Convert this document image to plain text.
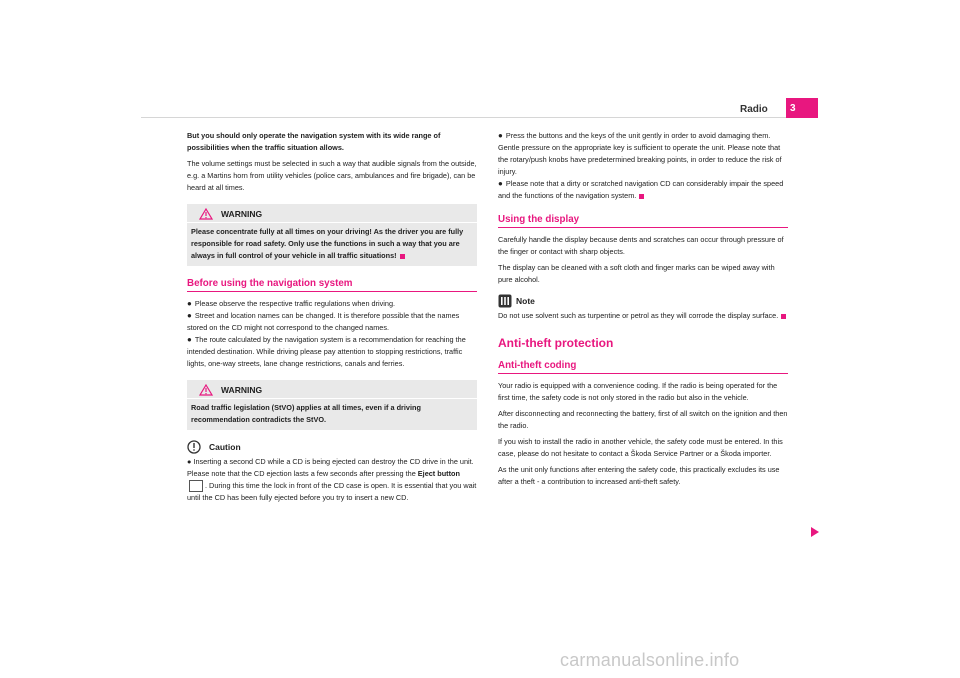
Radio 3

But you should only operate the navigation system with its wide range of possibilities when the traffic situation allows.

The volume settings must be selected in such a way that audible signals from the outside, e.g. a Martins horn from utility vehicles (police cars, ambulances and fire brigade), can be heard at all times.

WARNING

Please concentrate fully at all times on your driving! As the driver you are fully responsible for road safety. Only use the functions in such a way that you are always in full control of your vehicle in all traffic situations!

Before using the navigation system

● Please observe the respective traffic regulations when driving.

● Street and location names can be changed. It is therefore possible that the names stored on the CD might not correspond to the changed names.

● The route calculated by the navigation system is a recommendation for reaching the intended destination. While driving please pay attention to stopping restrictions, traffic lights, one-way streets, lane change restrictions, canals and ferries.

WARNING

Road traffic legislation (StVO) applies at all times, even if a driving recommendation contradicts the StVO.

Caution

● Inserting a second CD while a CD is being ejected can destroy the CD drive in the unit. Please note that the CD ejection lasts a few seconds after pressing the Eject button . During this time the lock in front of the CD case is open. It is essential that you wait until the CD has been fully ejected before you try to insert a new CD.

● Press the buttons and the keys of the unit gently in order to avoid damaging them. Gentle pressure on the appropriate key is sufficient to operate the unit. Please note that the rotary/push knobs have predetermined breaking points, in order to reduce the risk of injury.

● Please note that a dirty or scratched navigation CD can considerably impair the speed and the functions of the navigation system.

Using the display

Carefully handle the display because dents and scratches can occur through pressure of the finger or contact with sharp objects.

The display can be cleaned with a soft cloth and finger marks can be wiped away with pure alcohol.

Note

Do not use solvent such as turpentine or petrol as they will corrode the display surface.

Anti-theft protection
Anti-theft coding

Your radio is equipped with a convenience coding. If the radio is being operated for the first time, the safety code is not only stored in the radio but also in the vehicle.

After disconnecting and reconnecting the battery, first of all switch on the ignition and then the radio.

If you wish to install the radio in another vehicle, the safety code must be entered. In this case, please do not hesitate to contact a Škoda Service Partner or a Škoda importer.

As the unit only functions after entering the safety code, this practically excludes its use after a theft - a contribution to increased anti-theft safety.

carmanualsonline.info
